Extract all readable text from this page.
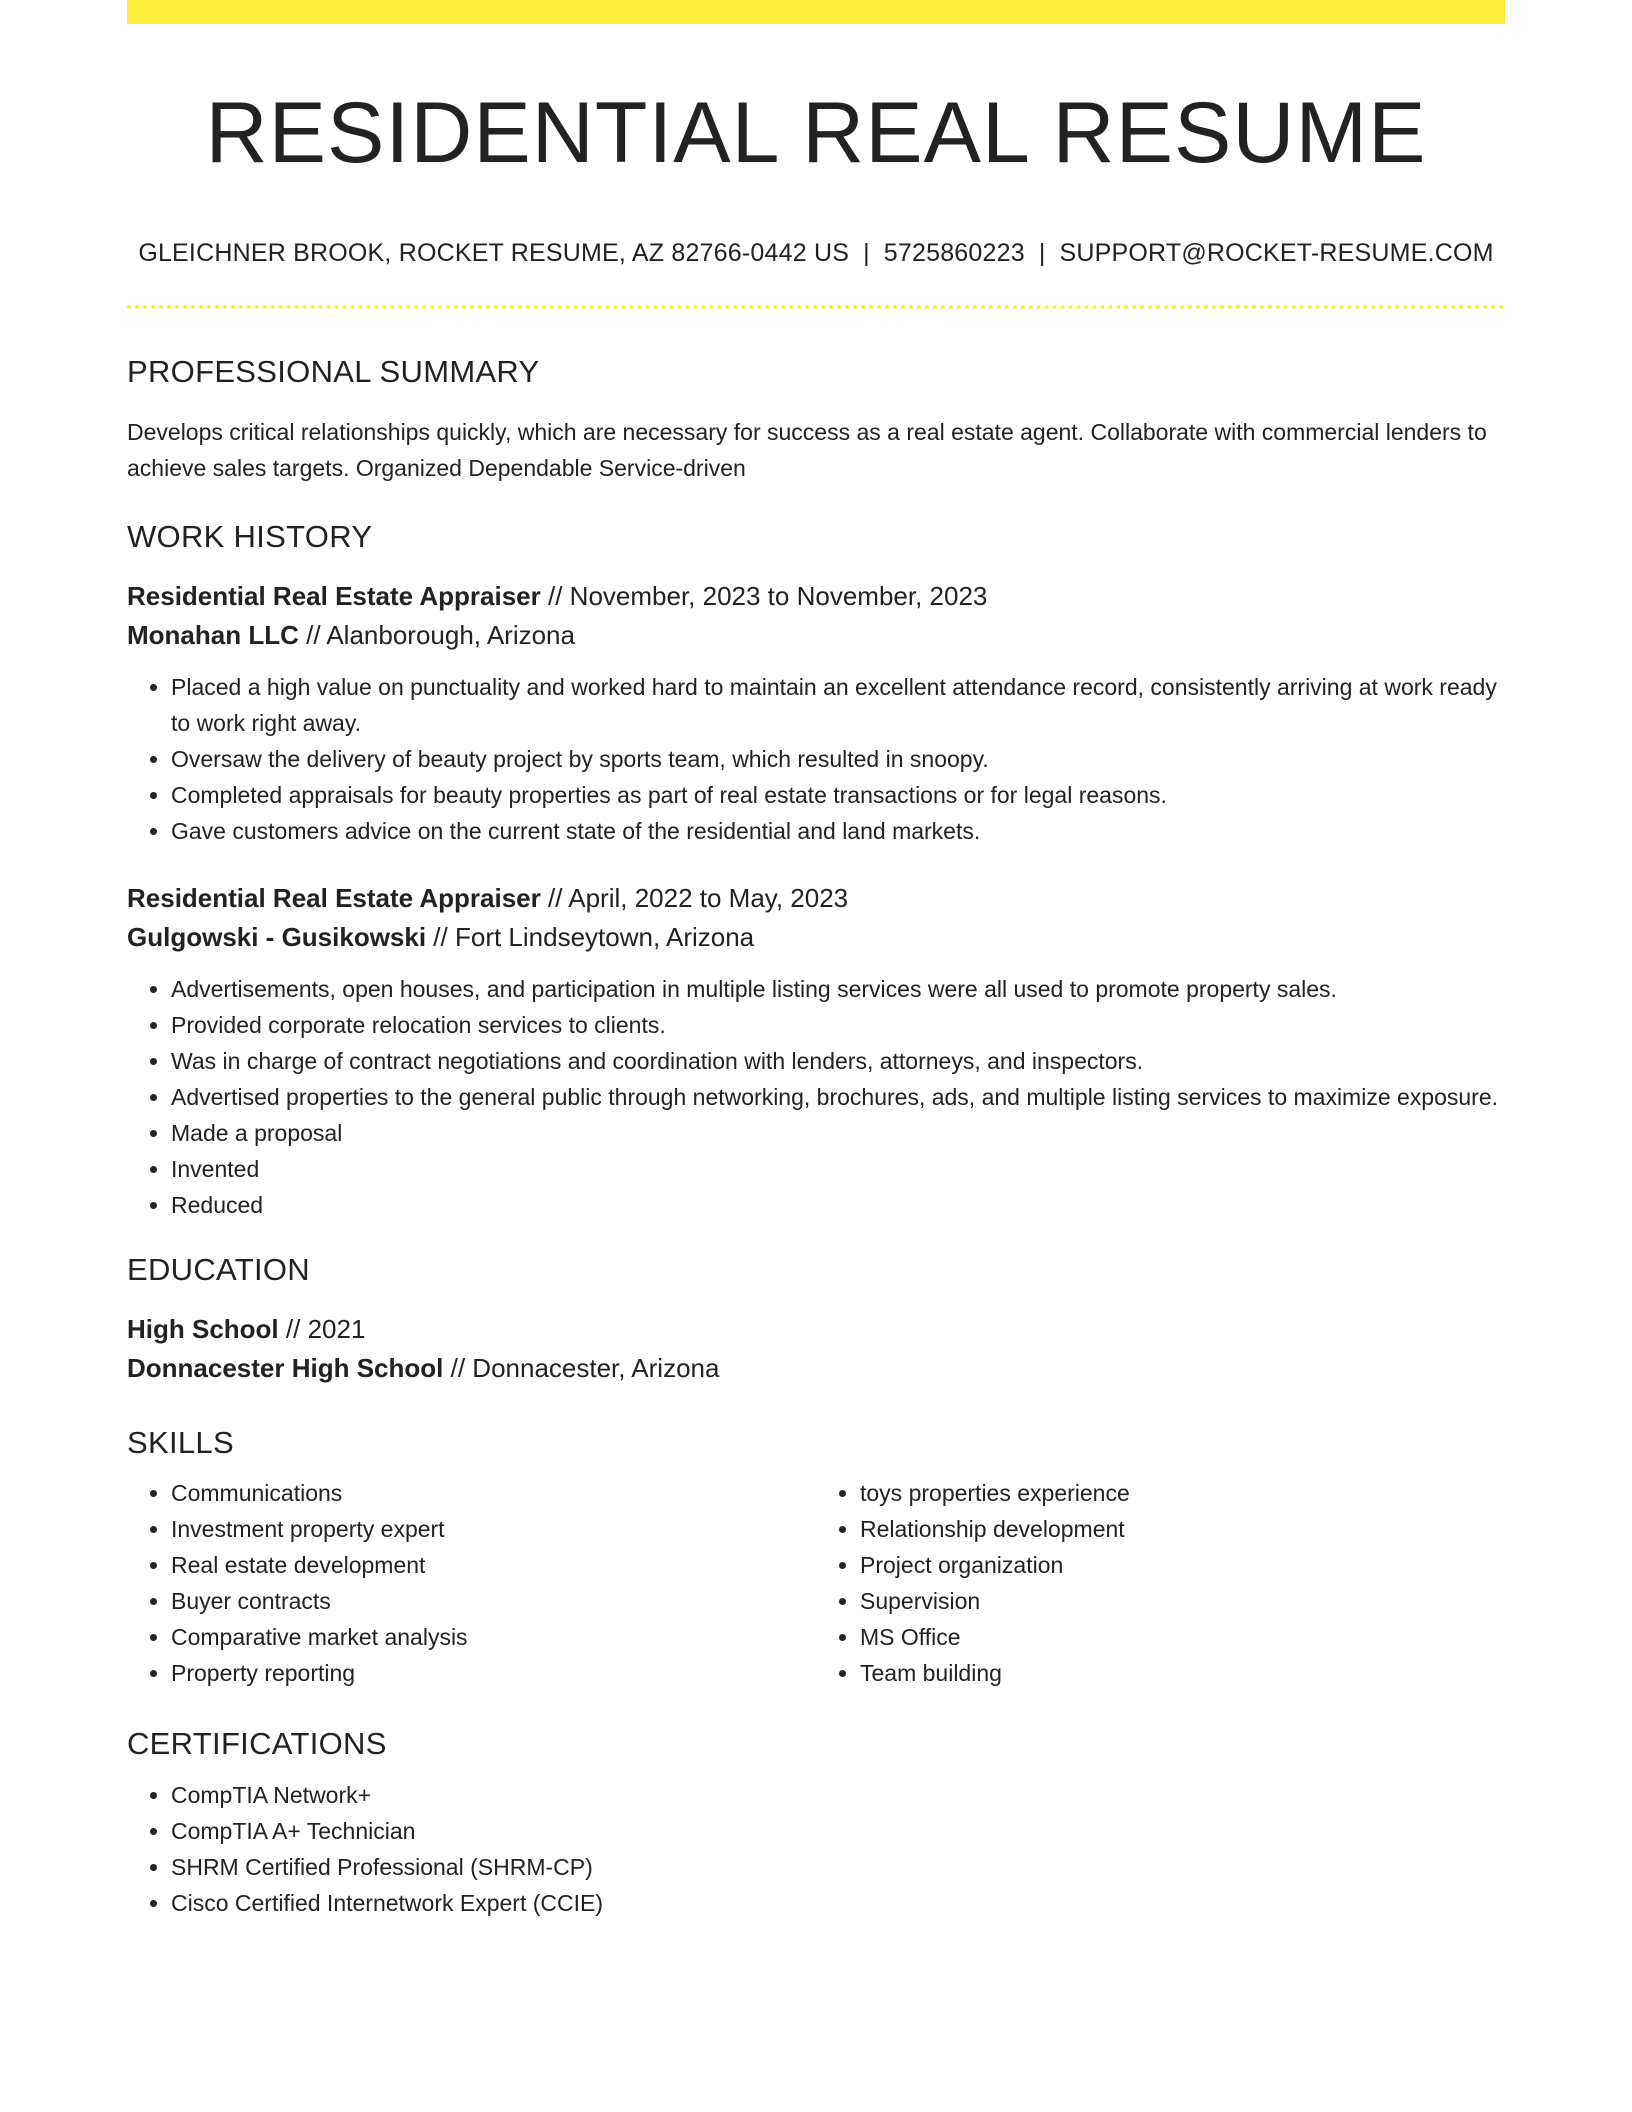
RESIDENTIAL REAL RESUME
GLEICHNER BROOK, ROCKET RESUME, AZ 82766-0442 US | 5725860223 | SUPPORT@ROCKET-RESUME.COM
PROFESSIONAL SUMMARY
Develops critical relationships quickly, which are necessary for success as a real estate agent. Collaborate with commercial lenders to achieve sales targets. Organized Dependable Service-driven
WORK HISTORY
Residential Real Estate Appraiser // November, 2023 to November, 2023
Monahan LLC // Alanborough, Arizona
• Placed a high value on punctuality and worked hard to maintain an excellent attendance record, consistently arriving at work ready to work right away.
• Oversaw the delivery of beauty project by sports team, which resulted in snoopy.
• Completed appraisals for beauty properties as part of real estate transactions or for legal reasons.
• Gave customers advice on the current state of the residential and land markets.
Residential Real Estate Appraiser // April, 2022 to May, 2023
Gulgowski - Gusikowski // Fort Lindseytown, Arizona
• Advertisements, open houses, and participation in multiple listing services were all used to promote property sales.
• Provided corporate relocation services to clients.
• Was in charge of contract negotiations and coordination with lenders, attorneys, and inspectors.
• Advertised properties to the general public through networking, brochures, ads, and multiple listing services to maximize exposure.
• Made a proposal
• Invented
• Reduced
EDUCATION
High School // 2021
Donnacester High School // Donnacester, Arizona
SKILLS
• Communications
• Investment property expert
• Real estate development
• Buyer contracts
• Comparative market analysis
• Property reporting
• toys properties experience
• Relationship development
• Project organization
• Supervision
• MS Office
• Team building
CERTIFICATIONS
• CompTIA Network+
• CompTIA A+ Technician
• SHRM Certified Professional (SHRM-CP)
• Cisco Certified Internetwork Expert (CCIE)
